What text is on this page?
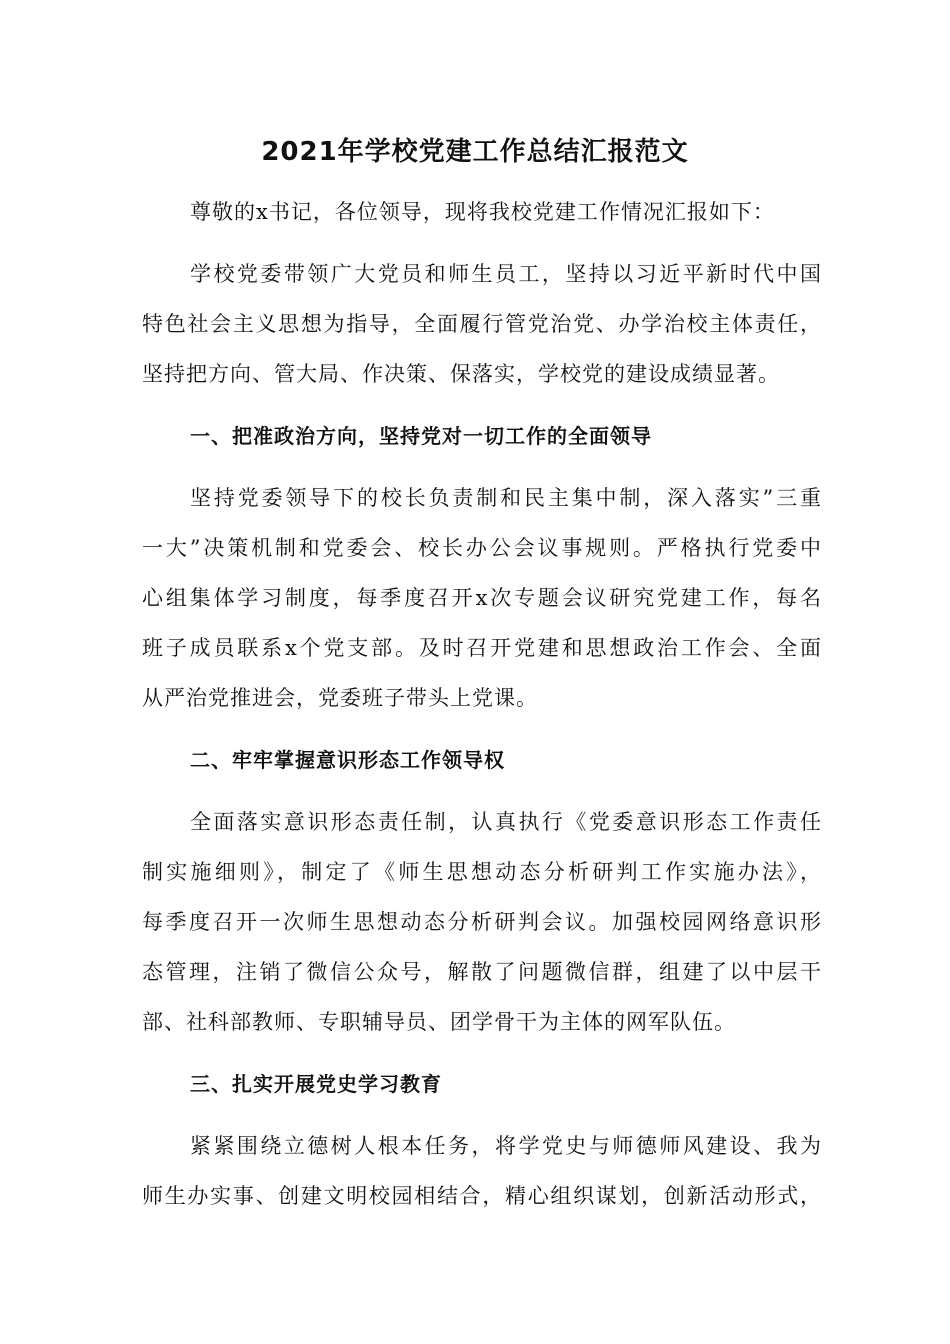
2021年学校党建工作总结汇报范文

尊敬的x书记，各位领导，现将我校党建工作情况汇报如下：

学校党委带领广大党员和师生员工，坚持以习近平新时代中国

特色社会主义思想为指导，全面履行管党治党、办学治校主体责任，

坚持把方向、管大局、作决策、保落实，学校党的建设成绩显著。

一、把准政治方向，坚持党对一切工作的全面领导

坚持党委领导下的校长负责制和民主集中制，深入落实”三重

一大”决策机制和党委会、校长办公会议事规则。严格执行党委中

心组集体学习制度，每季度召开x次专题会议研究党建工作，每名

班子成员联系x个党支部。及时召开党建和思想政治工作会、全面

从严治党推进会，党委班子带头上党课。

二、牢牢掌握意识形态工作领导权

全面落实意识形态责任制，认真执行《党委意识形态工作责任

制实施细则》，制定了《师生思想动态分析研判工作实施办法》，

每季度召开一次师生思想动态分析研判会议。加强校园网络意识形

态管理，注销了微信公众号，解散了问题微信群，组建了以中层干

部、社科部教师、专职辅导员、团学骨干为主体的网军队伍。

三、扎实开展党史学习教育

紧紧围绕立德树人根本任务，将学党史与师德师风建设、我为

师生办实事、创建文明校园相结合，精心组织谋划，创新活动形式，
